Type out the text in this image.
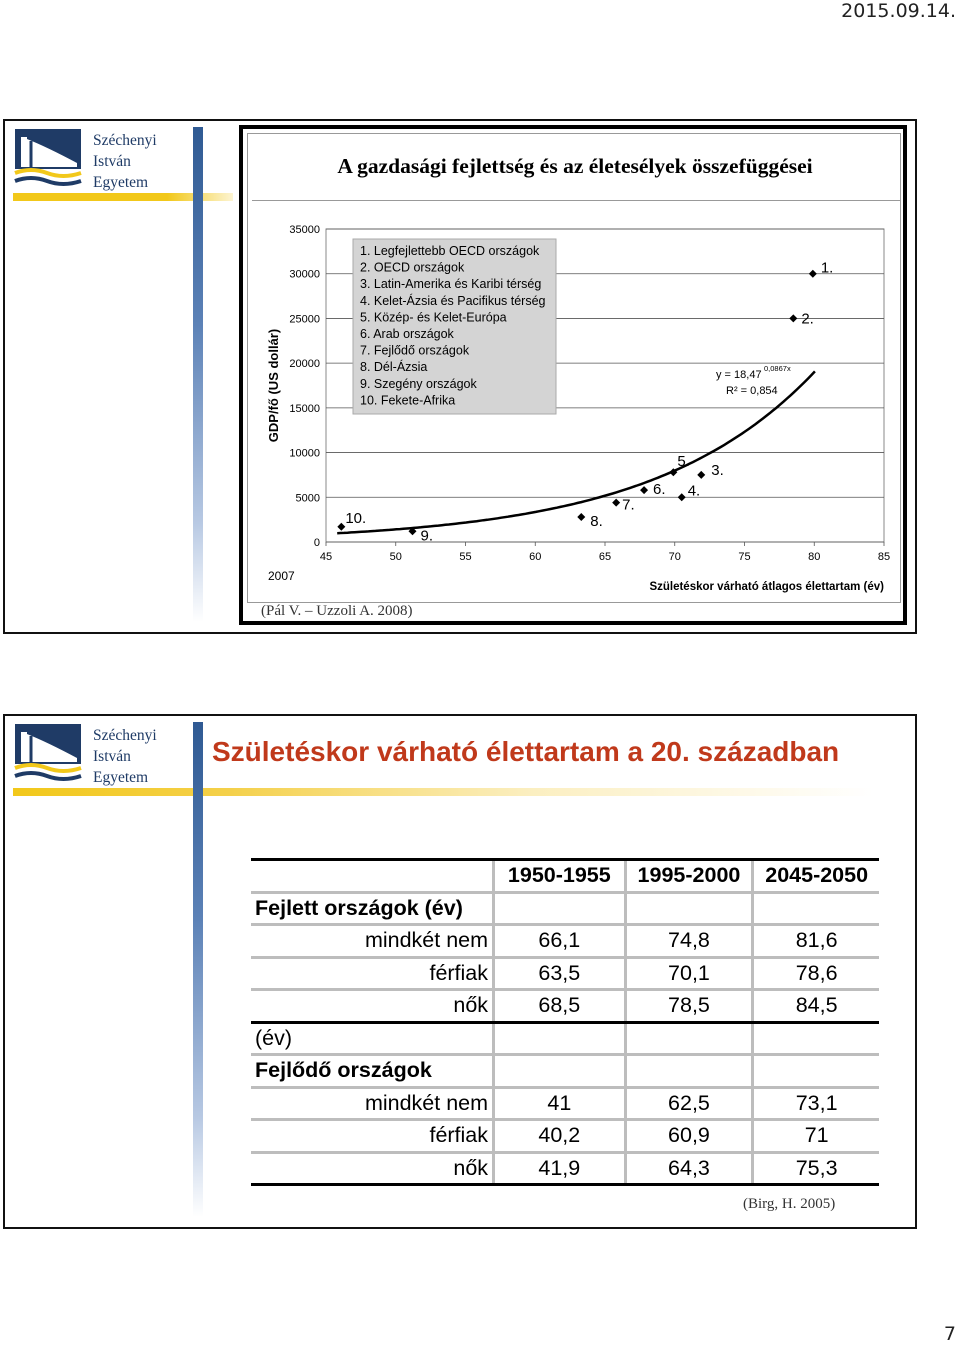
2015.09.14.
Széchenyi
István
Egyetem
A gazdasági fejlettség és az életesélyek összefüggései
0
5000
10000
15000
20000
25000
30000
35000
45	50	55	60	65	70	75	80	85
Születéskor várható átlagos élettartam (év)
GDP/fő (US dollár)
2007
y = 18,47
0,0867x
R² = 0,854
1.
2.
3.
4.
5.
6.
7.
8.
9.
10.
1. Legfejlettebb OECD országok
2. OECD országok
3. Latin-Amerika és Karibi térség
4. Kelet-Ázsia és Pacifikus térség
5. Közép- és Kelet-Európa
6. Arab országok
7. Fejlődő országok
8. Dél-Ázsia
9. Szegény országok
10. Fekete-Afrika
(Pál V. – Uzzoli A. 2008)
Széchenyi
István
Egyetem
Születéskor várható élettartam a 20. században
	1950-1955	1995-2000	2045-2050
Fejlett országok (év)			
mindkét nem	66,1	74,8	81,6
férfiak	63,5	70,1	78,6
nők	68,5	78,5	84,5
(év)			
Fejlődő országok			
mindkét nem	41	62,5	73,1
férfiak	40,2	60,9	71
nők	41,9	64,3	75,3
(Birg, H. 2005)
7
